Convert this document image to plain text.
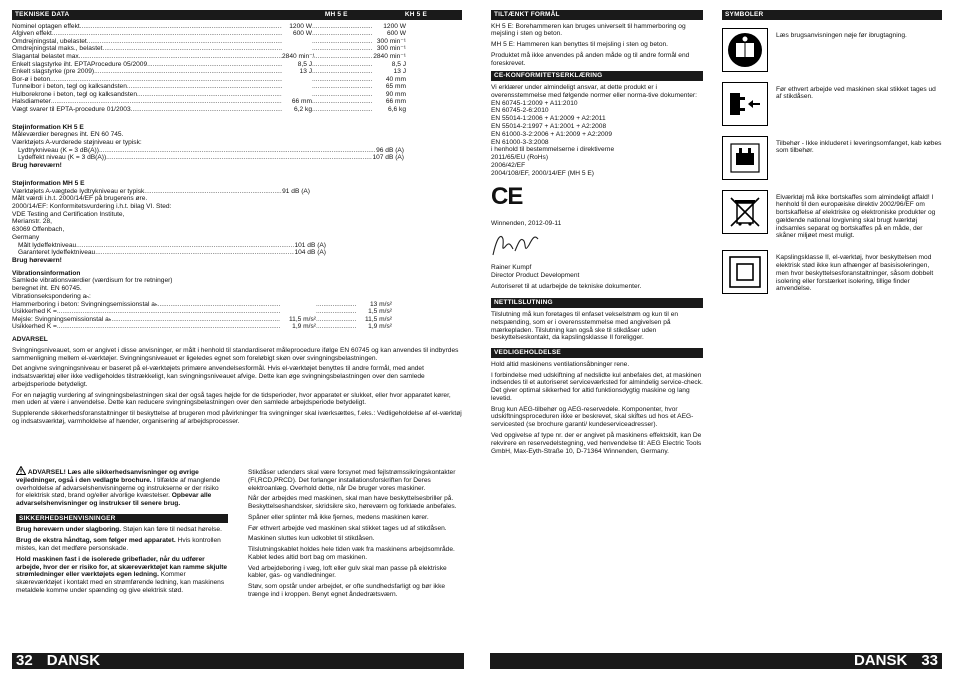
TEKNISKE DATA	MH 5 E	KH 5 E
Nominel optagen effekt .....	1200 W .....	1200 W
Afgiven effekt .....	600 W .....	600 W
Omdrejningstal, ubelastet ..... .....	300 min⁻¹
Omdrejningstal maks., belastet ..... .....	300 min⁻¹
Slagantal belastet max. .....	2840 min⁻¹ .....	2840 min⁻¹
Enkelt slagstyrke iht. EPTAProcedure 05/2009 .....	8,5 J .....	8,5 J
Enkelt slagstyrke (pre 2009) .....	13 J .....	13 J
Bor-ø i beton ..... .....	40 mm
Tunnelbor i beton, tegl og kalksandsten ..... .....	65 mm
Hulborekrone i beton, tegl og kalksandsten ..... .....	90 mm
Halsdiameter .....	66 mm .....	66 mm
Vægt svarer til EPTA-procedure 01/2003 .....	6,2 kg .....	6,6 kg

Støjinformation KH 5 E

Måleværdier beregnes iht. EN 60 745.
Værktøjets A-vurderede støjniveau er typisk:
Lydtrykniveau (K = 3 dB(A)) .....	96 dB (A)
Lydeffekt niveau (K = 3 dB(A)) .....	107 dB (A)
Brug høreværn!

Støjinformation MH 5 E

Værktøjets A-vægtede lydtrykniveau er typisk .....	91 dB (A)
Målt værdi i.h.t. 2000/14/EF på brugerens øre.
2000/14/EF: Konformitetsvurdering i.h.t. bilag VI. Sted:
VDE Testing and Certification Institute,
Merianstr. 28,
63069 Offenbach,
Germany
Målt lydeffektniveau .....	101 dB (A)
Garanteret lydeffektniveau .....	104 dB (A)
Brug høreværn!
Vibrationsinformation
Samlede vibrationsværdier (værdisum for tre retninger)
beregnet iht. EN 60745.
Vibrationsekspondering aₕ:
Hammerboring i beton: Svingningsemissionstal aₕ ..... .....	13 m/s²
Usikkerhed K = ..... .....	1,5 m/s²
Mejsle: Svingningsemissionstal aₕ .....	11,5 m/s² .....	11,5 m/s²
Usikkerhed K = .....	1,9 m/s² .....	1,9 m/s²

ADVARSEL

Svingningsniveauet, som er angivet i disse anvisninger, er målt i henhold til standardiseret måleprocedure ifølge EN 60745 og kan anvendes til indbyrdes sammenligning mellem el-værktøjer. Svingningsniveauet er ligeledes egnet som foreløbigt skøn over svingningsbelastningen.

Det angivne svingningsniveau er baseret på el-værktøjets primære anvendelsesformål. Hvis el-værktøjet benyttes til andre formål, med andet indsatsværktøj eller ikke vedligeholdes tilstrækkeligt, kan svingningsniveauet afvige. Dette kan øge svingningsbelastningen over den samlede arbejdsperiode betydeligt.

For en nøjagtig vurdering af svingningsbelastningen skal der også tages højde for de tidsperioder, hvor apparatet er slukket, eller hvor apparatet kører, men uden at være i anvendelse. Dette kan reducere svingningsbelastningen over den samlede arbejdsperiode betydeligt.

Supplerende sikkerhedsforanstaltninger til beskyttelse af brugeren mod påvirkninger fra svingninger skal iværksættes, f.eks.: Vedligeholdelse af el-værktøj og indsatsværktøj, varmholdelse af hænder, organisering af arbejdsprocesser.

ADVARSEL! Læs alle sikkerhedsanvisninger og øvrige vejledninger, også i den vedlagte brochure. I tilfælde af manglende overholdelse af advarselshenvisningerne og instrukserne er der risiko for elektrisk stød, brand og/eller alvorlige kvæstelser. Opbevar alle advarselshenvisninger og instrukser til senere brug.

SIKKERHEDSHENVISNINGER

Brug høreværn under slagboring. Støjen kan føre til nedsat hørelse.

Brug de ekstra håndtag, som følger med apparatet. Hvis kontrollen mistes, kan det medføre personskade.

Hold maskinen fast i de isolerede gribeflader, når du udfører arbejde, hvor der er risiko for, at skæreværktøjet kan ramme skjulte strømledninger eller værktøjets egen ledning. Kommer skæreværktøjet i kontakt med en strømførende ledning, kan maskinens metaldele komme under spænding og give elektrisk stød.

Stikdåser udendørs skal være forsynet med fejlstrømssikringskontakter (FI,RCD,PRCD). Det forlanger installationsforskriften for Deres elektroanlæg. Overhold dette, når De bruger vores maskiner.

Når der arbejdes med maskinen, skal man have beskyttelsesbriller på. Beskyttelseshandsker, skridsikre sko, høreværn og forklæde anbefales.

Spåner eller splinter må ikke fjernes, medens maskinen kører.

Før ethvert arbejde ved maskinen skal stikket tages ud af stikdåsen.

Maskinen sluttes kun udkoblet til stikdåsen.

Tilslutningskablet holdes hele tiden væk fra maskinens arbejdsområde. Kablet ledes altid bort bag om maskinen.

Ved arbejdeboring i væg, loft eller gulv skal man passe på elektriske kabler, gas- og vandledninger.

Støv, som opstår under arbejdet, er ofte sundhedsfarligt og bør ikke trænge ind i kroppen. Benyt egnet åndedrætsværn.

32 DANSK
TILTÆNKT FORMÅL

KH 5 E: Borehammeren kan bruges universelt til hammerboring og mejsling i sten og beton.

MH 5 E: Hammeren kan benyttes til mejsling i sten og beton.

Produktet må ikke anvendes på anden måde og til andre formål end foreskrevet.

CE-KONFORMITETSERKLÆRING
Vi erklærer under almindeligt ansvar, at dette produkt er i overensstemmelse med følgende normer eller norma-tive dokumenter:
EN 60745-1:2009 + A11:2010
EN 60745-2-6:2010
EN 55014-1:2006 + A1:2009 + A2:2011
EN 55014-2:1997 + A1:2001 + A2:2008
EN 61000-3-2:2006 + A1:2009 + A2:2009
EN 61000-3-3:2008
i henhold til bestemmelserne i direktiverne
2011/65/EU (RoHs)
2006/42/EF
2004/108/EF, 2000/14/EF (MH 5 E)
CE
Winnenden, 2012-09-11
Rainer Kumpf
Director Product Development
Autoriseret til at udarbejde de tekniske dokumenter.
NETTILSLUTNING

Tilslutning må kun foretages til enfaset vekselstrøm og kun til en netspænding, som er i overensstemmelse med angivelsen på mærkepladen. Tilslutning kan også ske til stikdåser uden beskyttelseskontakt, da kapslingsklasse II foreligger.

VEDLIGEHOLDELSE

Hold altid maskinens ventilationsåbninger rene.

I forbindelse med udskiftning af nedslidte kul anbefales det, at maskinen indsendes til et autoriseret serviceværksted for almindelig service-check. Det giver optimal sikkerhed for altid funktionsdygtig maskine og lang levetid.

Brug kun AEG-tilbehør og AEG-reservedele. Komponenter, hvor udskiftningsproceduren ikke er beskrevet, skal skiftes ud hos et AEG-servicested (se brochure garanti/ kundeserviceadresser).

Ved opgivelse af type nr. der er angivet på maskinens effektskilt, kan De rekvirere en reservedelstegning, ved henvendelse til: AEG Electric Tools GmbH, Max-Eyth-Straße 10, D-71364 Winnenden, Germany.

SYMBOLER
Læs brugsanvisningen nøje før ibrugtagning.
Før ethvert arbejde ved maskinen skal stikket tages ud af stikdåsen.
Tilbehør - Ikke inkluderet i leveringsomfanget, kab købes som tilbehør.
Elværktøj må ikke bortskaffes som almindeligt affald! I henhold til den europæiske direktiv 2002/96/EF om bortskaffelse af elektriske og elektroniske produkter og gældende national lovgivning skal brugt lværktøj indsamles separat og bortskaffes på en måde, der skåner miljøet mest muligt.
Kapslingsklasse II, el-værktøj, hvor beskyttelsen mod elektrisk stød ikke kun afhænger af basisisoleringen, men hvor beskyttelsesforanstaltninger, såsom dobbelt isolering eller forstærket isolering, tillige finder anvendelse.
DANSK 33
